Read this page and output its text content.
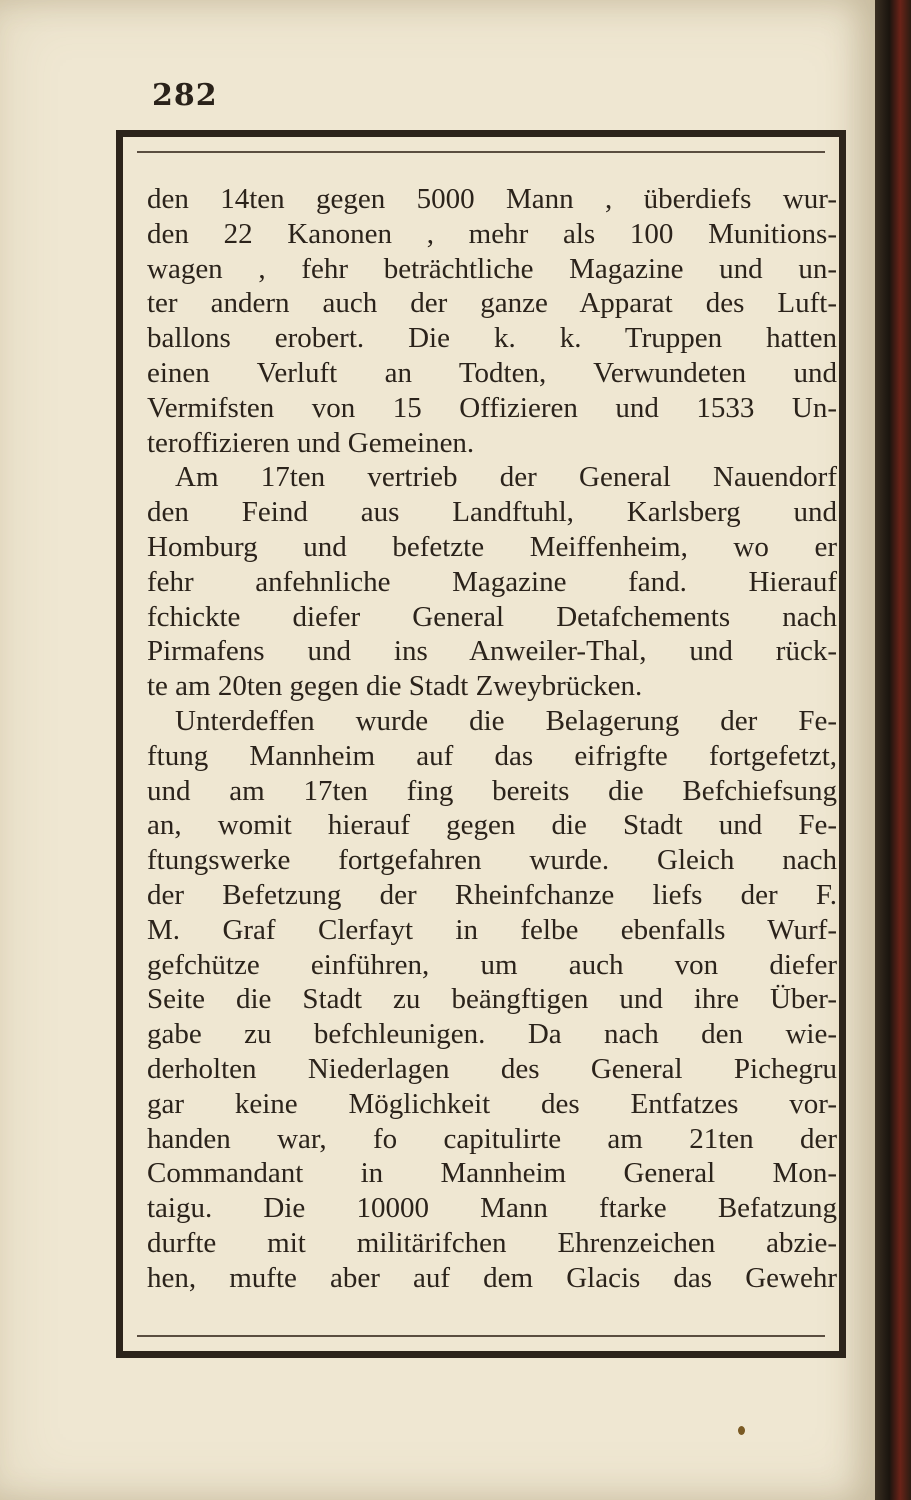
282
den 14ten gegen 5000 Mann , überdiefs wur-
den 22 Kanonen , mehr als 100 Munitions-
wagen , fehr beträchtliche Magazine und un-
ter andern auch der ganze Apparat des Luft-
ballons erobert. Die k. k. Truppen hatten
einen Verluft an Todten, Verwundeten und
Vermifsten von 15 Offizieren und 1533 Un-
teroffizieren und Gemeinen.
Am 17ten vertrieb der General Nauendorf
den Feind aus Landftuhl, Karlsberg und
Homburg und befetzte Meiffenheim, wo er
fehr anfehnliche Magazine fand. Hierauf
fchickte diefer General Detafchements nach
Pirmafens und ins Anweiler-Thal, und rück-
te am 20ten gegen die Stadt Zweybrücken.
Unterdeffen wurde die Belagerung der Fe-
ftung Mannheim auf das eifrigfte fortgefetzt,
und am 17ten fing bereits die Befchiefsung
an, womit hierauf gegen die Stadt und Fe-
ftungswerke fortgefahren wurde. Gleich nach
der Befetzung der Rheinfchanze liefs der F.
M. Graf Clerfayt in felbe ebenfalls Wurf-
gefchütze einführen, um auch von diefer
Seite die Stadt zu beängftigen und ihre Über-
gabe zu befchleunigen. Da nach den wie-
derholten Niederlagen des General Pichegru
gar keine Möglichkeit des Entfatzes vor-
handen war, fo capitulirte am 21ten der
Commandant in Mannheim General Mon-
taigu. Die 10000 Mann ftarke Befatzung
durfte mit militärifchen Ehrenzeichen abzie-
hen, mufte aber auf dem Glacis das Gewehr
